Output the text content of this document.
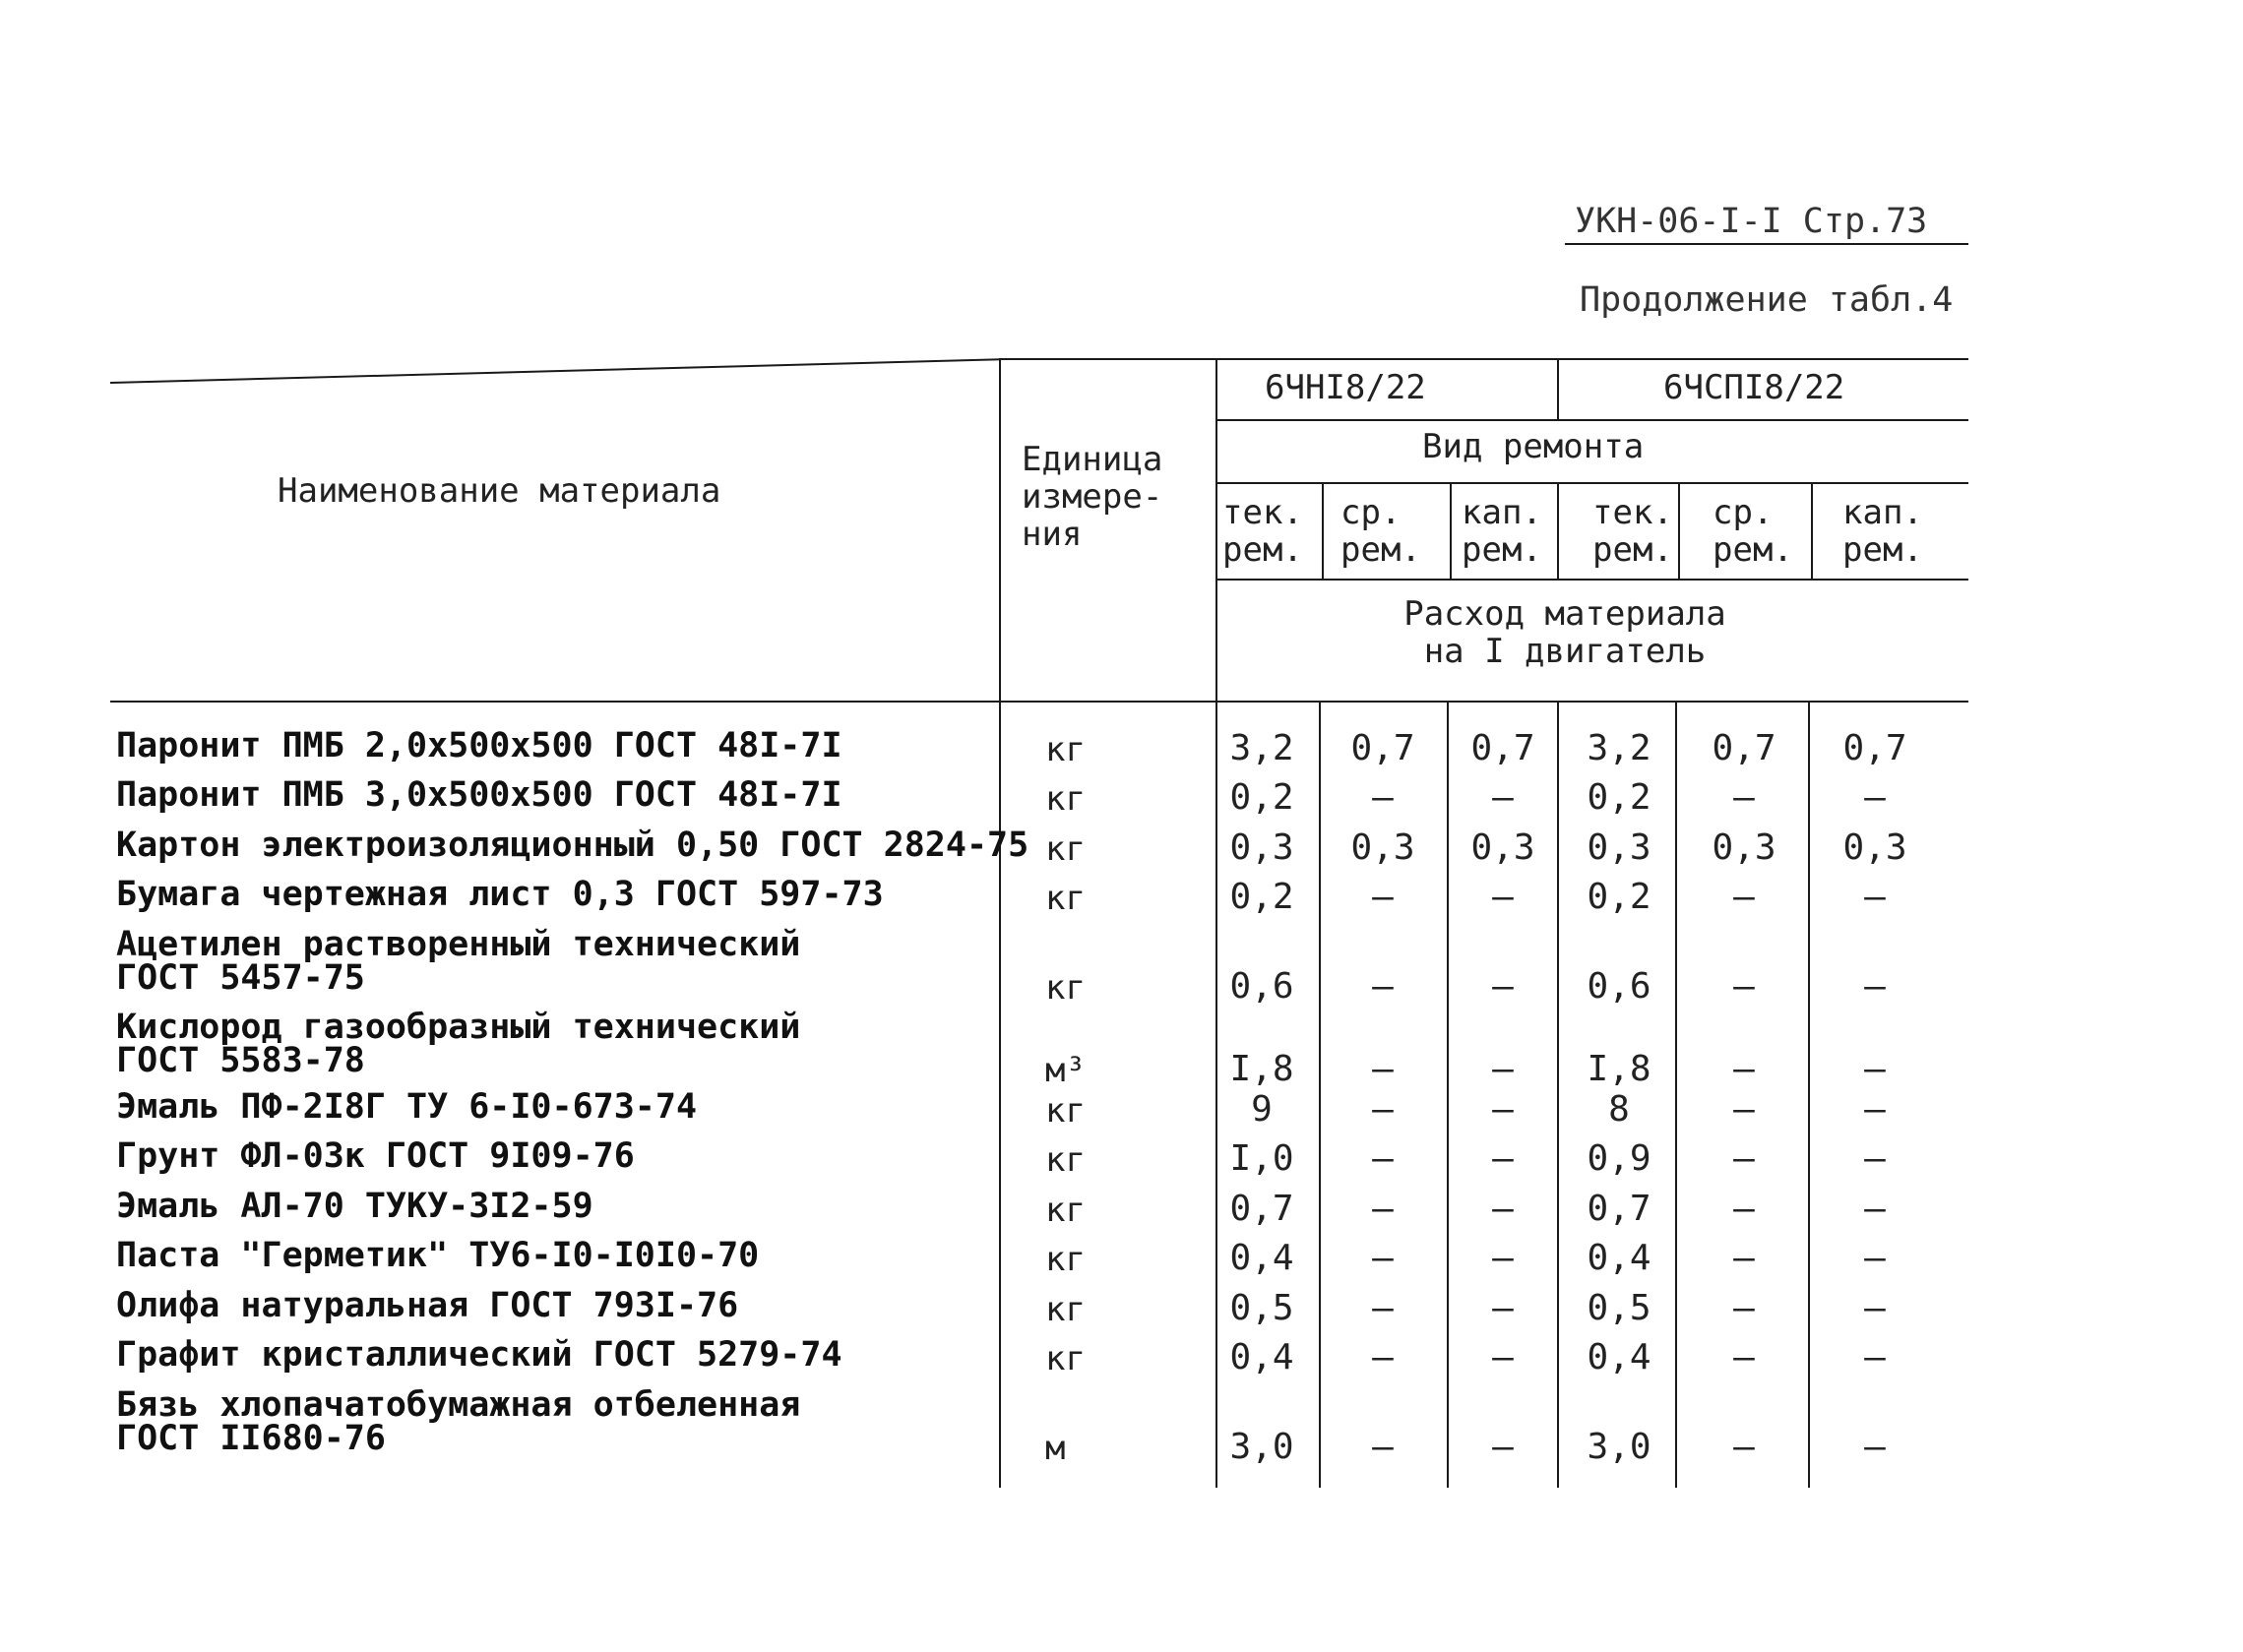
УКН-06-I-I Стр.73
Продолжение табл.4
Наименование материала
Единица измере- ния
6ЧНI8/22	6ЧСПI8/22
Вид ремонта
тек. рем.
ср. рем.
кап. рем.
тек. рем.
ср. рем.
кап. рем.
Расход материала на I двигатель
Паронит ПМБ 2,0х500х500 ГОСТ 48I-7I	кг	3,2	0,7	0,7	3,2	0,7	0,7
Паронит ПМБ 3,0х500х500 ГОСТ 48I-7I	кг	0,2	–	–	0,2	–	–
Картон электроизоляционный 0,50 ГОСТ 2824-75 кг	0,3	0,3	0,3	0,3	0,3	0,3
Бумага чертежная лист 0,3 ГОСТ 597-73	кг	0,2	–	–	0,2	–	–
Ацетилен растворенный технический
ГОСТ 5457-75	кг	0,6	–	–	0,6	–	–
Кислород газообразный технический
ГОСТ 5583-78	м³	I,8	–	–	I,8	–	–
Эмаль ПФ-2I8Г ТУ 6-I0-673-74	кг	9	–	–	8	–	–
Грунт ФЛ-03к ГОСТ 9I09-76	кг	I,0	–	–	0,9	–	–
Эмаль АЛ-70 ТУКУ-3I2-59	кг	0,7	–	–	0,7	–	–
Паста "Герметик" ТУ6-I0-I0I0-70	кг	0,4	–	–	0,4	–	–
Олифа натуральная ГОСТ 793I-76	кг	0,5	–	–	0,5	–	–
Графит кристаллический ГОСТ 5279-74	кг	0,4	–	–	0,4	–	–
Бязь хлопачатобумажная отбеленная
ГОСТ II680-76	м	3,0	–	–	3,0	–	–
